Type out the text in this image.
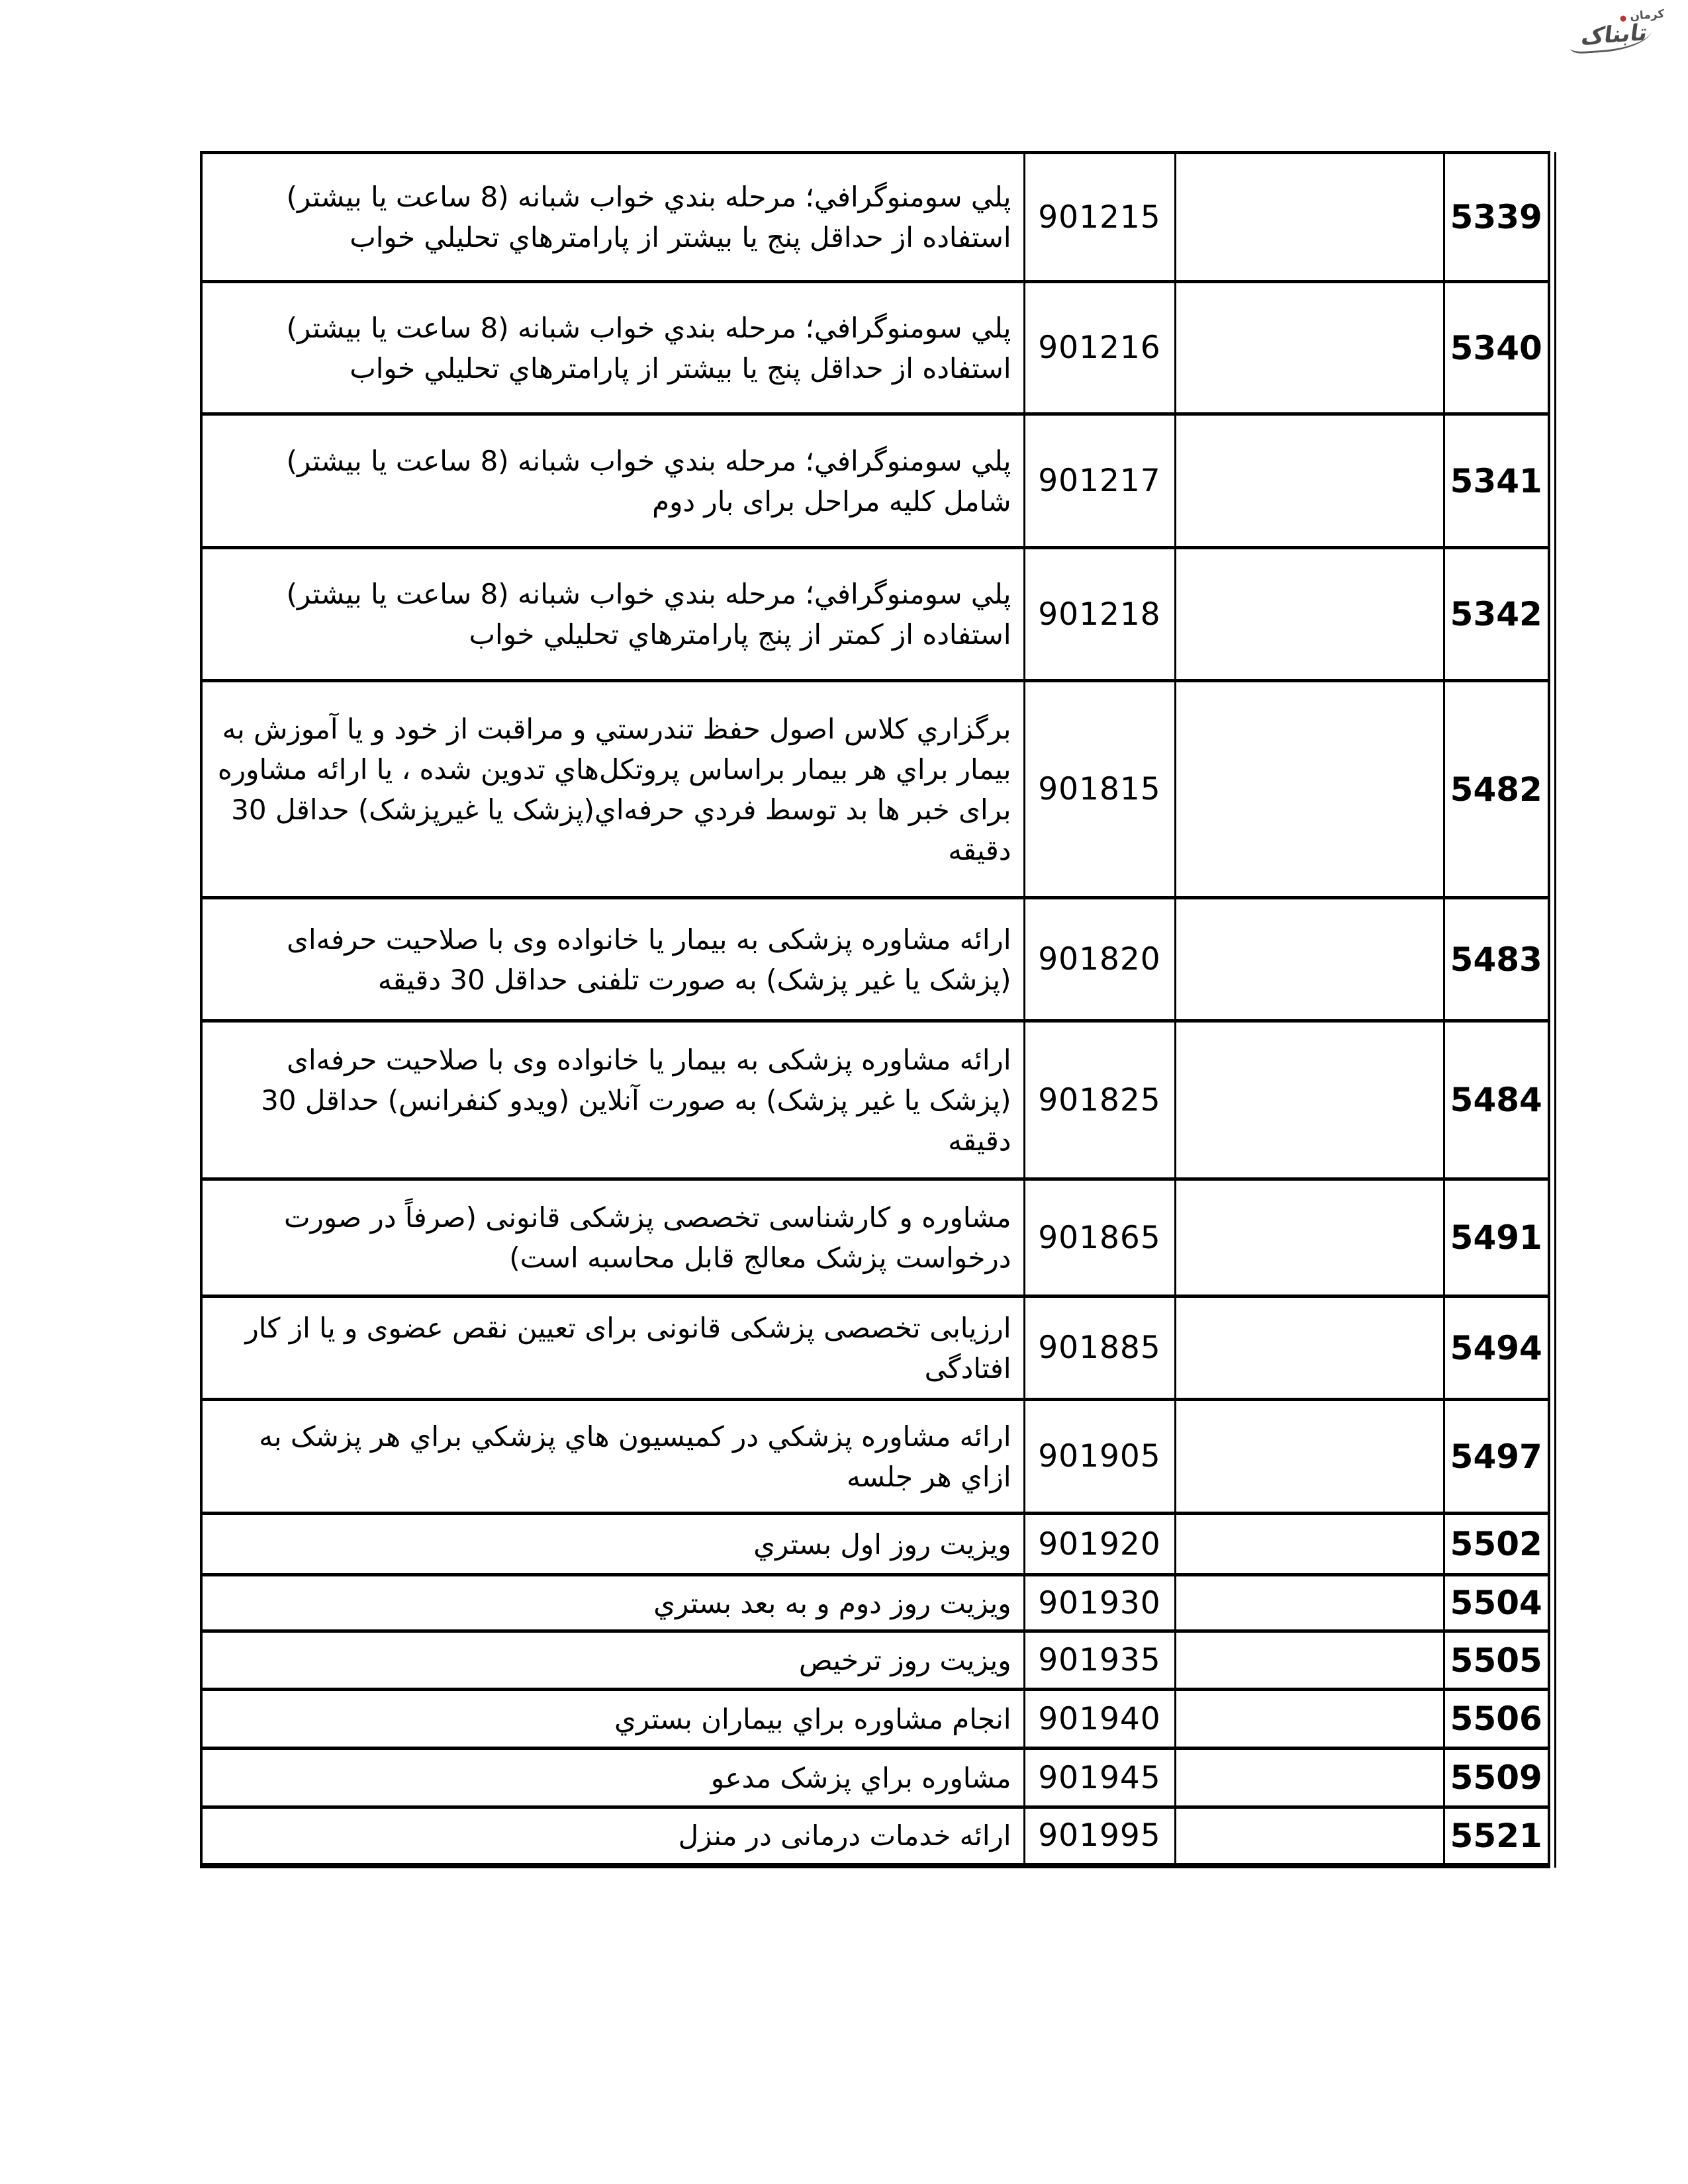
کرمان
تابناک
پلي سومنوگرافي؛ مرحله بندي خواب شبانه (8 ساعت يا بيشتر) استفاده از حداقل پنج يا بيشتر از پارامترهاي تحليلي خواب	901215		5339
پلي سومنوگرافي؛ مرحله بندي خواب شبانه (8 ساعت يا بيشتر) استفاده از حداقل پنج يا بيشتر از پارامترهاي تحليلي خواب	901216		5340
پلي سومنوگرافي؛ مرحله بندي خواب شبانه (8 ساعت يا بيشتر) شامل كليه مراحل برای بار دوم	901217		5341
پلي سومنوگرافي؛ مرحله بندي خواب شبانه (8 ساعت يا بيشتر) استفاده از كمتر از پنج پارامترهاي تحليلي خواب	901218		5342
برگزاري كلاس اصول حفظ تندرستي و مراقبت از خود و يا آموزش به بيمار براي هر بيمار براساس پروتكل‌هاي تدوين شده ، يا ارائه مشاوره برای خبر ها بد توسط فردي حرفه‌اي(پزشک يا غيرپزشک) حداقل 30 دقيقه	901815		5482
ارائه مشاوره پزشکی به بيمار يا خانواده وی با صلاحيت حرفه‌ای (پزشک يا غير پزشک) به صورت تلفنی حداقل 30 دقيقه	901820		5483
ارائه مشاوره پزشکی به بيمار يا خانواده وی با صلاحيت حرفه‌ای (پزشک يا غير پزشک) به صورت آنلاين (ويدو کنفرانس) حداقل 30 دقيقه	901825		5484
مشاوره و کارشناسی تخصصی پزشکی قانونی (صرفاً در صورت درخواست پزشک معالج قابل محاسبه است)	901865		5491
ارزيابی تخصصی پزشکی قانونی برای تعيين نقص عضوی و يا از کار افتادگی	901885		5494
ارائه مشاوره پزشكي در كميسيون هاي پزشكي براي هر پزشک به ازاي هر جلسه	901905		5497
ويزيت روز اول بستري	901920		5502
ويزيت روز دوم و به بعد بستري	901930		5504
ويزيت روز ترخيص	901935		5505
انجام مشاوره براي بيماران بستري	901940		5506
مشاوره براي پزشک مدعو	901945		5509
ارائه خدمات درمانی در منزل	901995		5521
